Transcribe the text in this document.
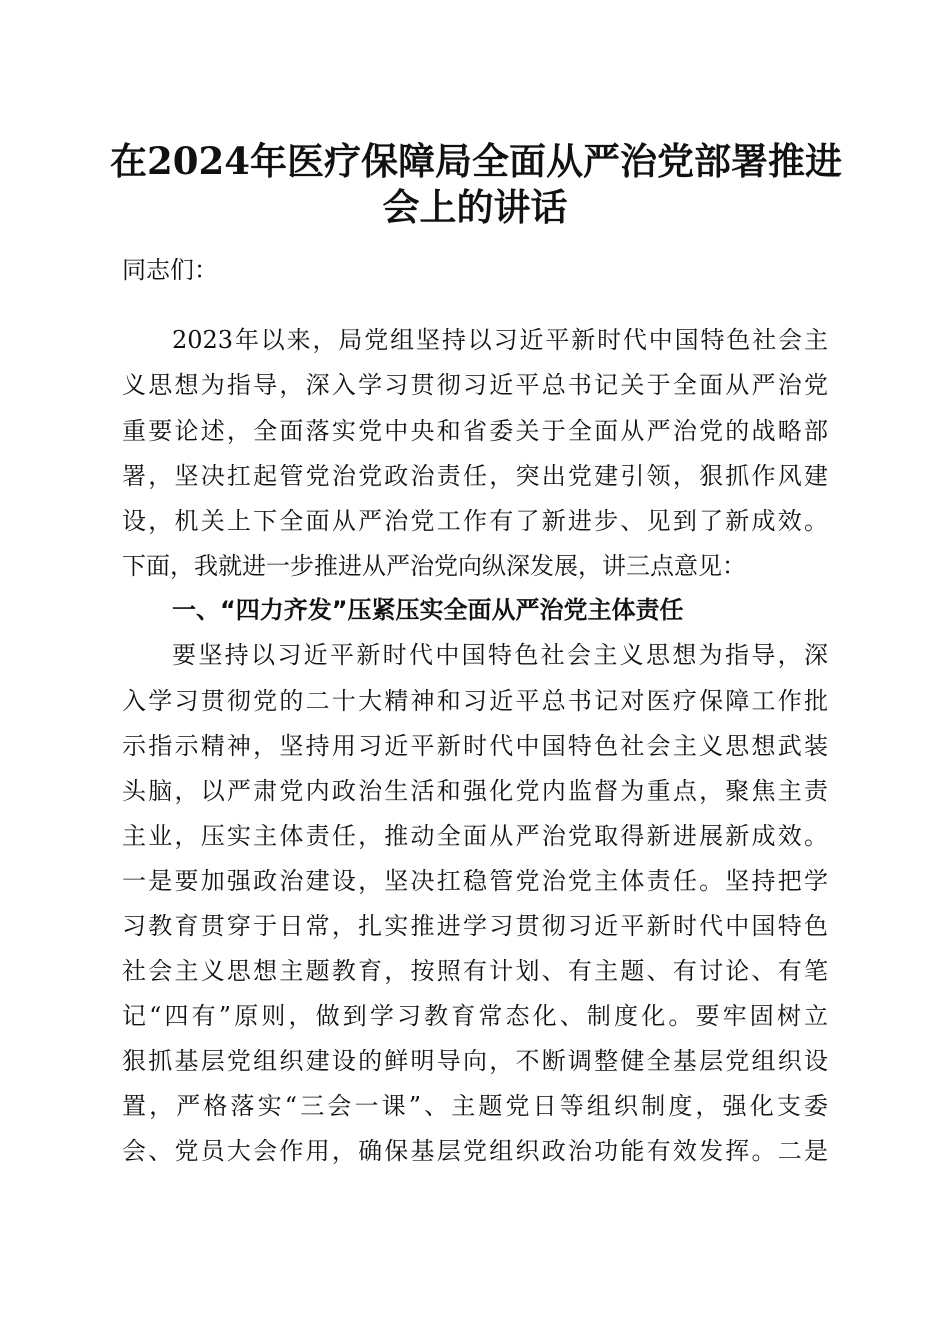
在2024年医疗保障局全面从严治党部署推进
会上的讲话
同志们：
2023年以来，局党组坚持以习近平新时代中国特色社会主
义思想为指导，深入学习贯彻习近平总书记关于全面从严治党
重要论述，全面落实党中央和省委关于全面从严治党的战略部
署，坚决扛起管党治党政治责任，突出党建引领，狠抓作风建
设，机关上下全面从严治党工作有了新进步、见到了新成效。
下面，我就进一步推进从严治党向纵深发展，讲三点意见：
一、“四力齐发”压紧压实全面从严治党主体责任
要坚持以习近平新时代中国特色社会主义思想为指导，深
入学习贯彻党的二十大精神和习近平总书记对医疗保障工作批
示指示精神，坚持用习近平新时代中国特色社会主义思想武装
头脑，以严肃党内政治生活和强化党内监督为重点，聚焦主责
主业，压实主体责任，推动全面从严治党取得新进展新成效。
一是要加强政治建设，坚决扛稳管党治党主体责任。坚持把学
习教育贯穿于日常，扎实推进学习贯彻习近平新时代中国特色
社会主义思想主题教育，按照有计划、有主题、有讨论、有笔
记“四有”原则，做到学习教育常态化、制度化。要牢固树立
狠抓基层党组织建设的鲜明导向，不断调整健全基层党组织设
置，严格落实“三会一课”、主题党日等组织制度，强化支委
会、党员大会作用，确保基层党组织政治功能有效发挥。二是
